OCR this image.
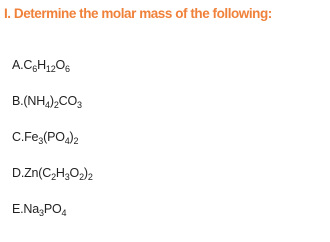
I. Determine the molar mass of the following:
$A.C_6H_{12}O_6$
$B.(NH_4)_2CO_3$
$C.Fe_3(PO_4)_2$
$D.Zn(C_2H_3O_2)_2$
$E.Na_3PO_4$
